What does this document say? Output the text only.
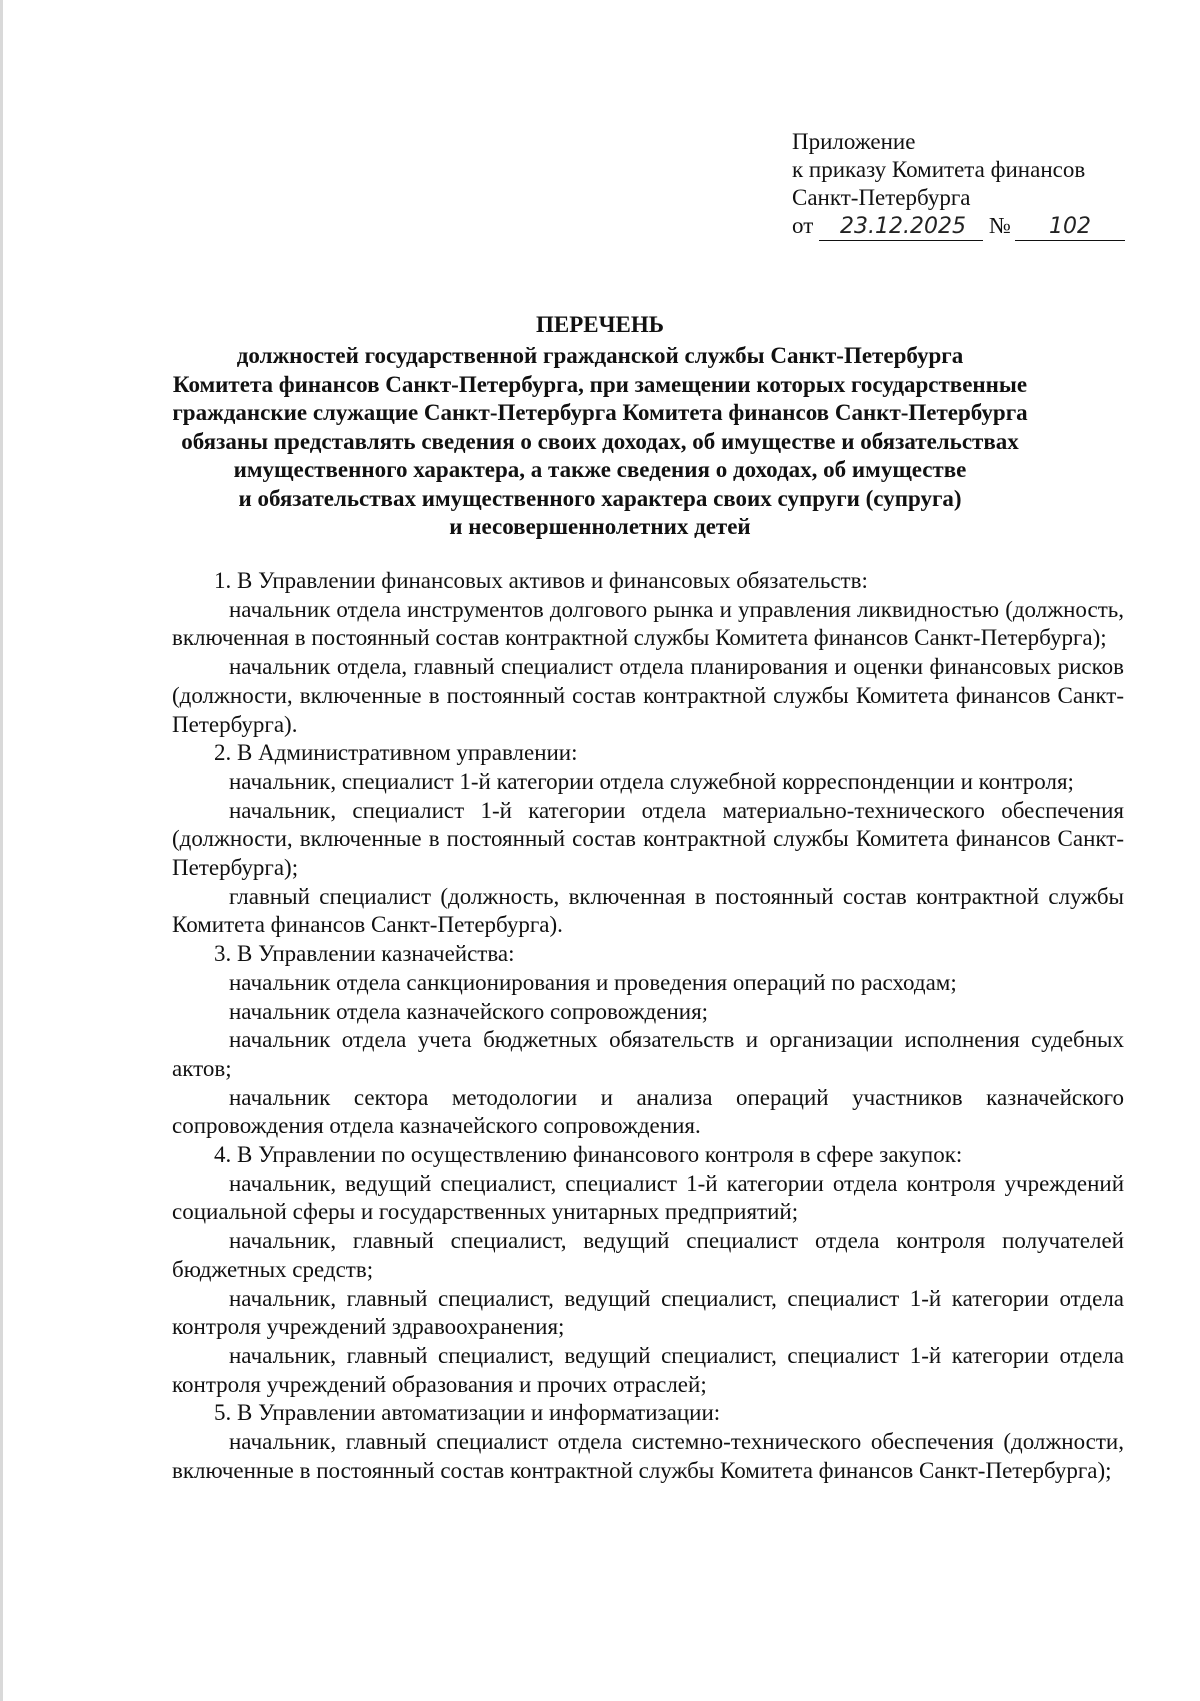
Приложение
к приказу Комитета финансов
Санкт-Петербурга
от 23.12.2025 № 102
ПЕРЕЧЕНЬ
должностей государственной гражданской службы Санкт-Петербурга
Комитета финансов Санкт-Петербурга, при замещении которых государственные
гражданские служащие Санкт-Петербурга Комитета финансов Санкт-Петербурга
обязаны представлять сведения о своих доходах, об имуществе и обязательствах
имущественного характера, а также сведения о доходах, об имуществе
и обязательствах имущественного характера своих супруги (супруга)
и несовершеннолетних детей

1. В Управлении финансовых активов и финансовых обязательств:

начальник отдела инструментов долгового рынка и управления ликвидностью (должность, включенная в постоянный состав контрактной службы Комитета финансов Санкт-Петербурга);

начальник отдела, главный специалист отдела планирования и оценки финансовых рисков (должности, включенные в постоянный состав контрактной службы Комитета финансов Санкт-Петербурга).

2. В Административном управлении:

начальник, специалист 1-й категории отдела служебной корреспонденции и контроля;

начальник, специалист 1-й категории отдела материально-технического обеспечения (должности, включенные в постоянный состав контрактной службы Комитета финансов Санкт-Петербурга);

главный специалист (должность, включенная в постоянный состав контрактной службы Комитета финансов Санкт-Петербурга).

3. В Управлении казначейства:

начальник отдела санкционирования и проведения операций по расходам;

начальник отдела казначейского сопровождения;

начальник отдела учета бюджетных обязательств и организации исполнения судебных актов;

начальник сектора методологии и анализа операций участников казначейского сопровождения отдела казначейского сопровождения.

4. В Управлении по осуществлению финансового контроля в сфере закупок:

начальник, ведущий специалист, специалист 1-й категории отдела контроля учреждений социальной сферы и государственных унитарных предприятий;

начальник, главный специалист, ведущий специалист отдела контроля получателей бюджетных средств;

начальник, главный специалист, ведущий специалист, специалист 1-й категории отдела контроля учреждений здравоохранения;

начальник, главный специалист, ведущий специалист, специалист 1-й категории отдела контроля учреждений образования и прочих отраслей;

5. В Управлении автоматизации и информатизации:

начальник, главный специалист отдела системно-технического обеспечения (должности, включенные в постоянный состав контрактной службы Комитета финансов Санкт-Петербурга);
